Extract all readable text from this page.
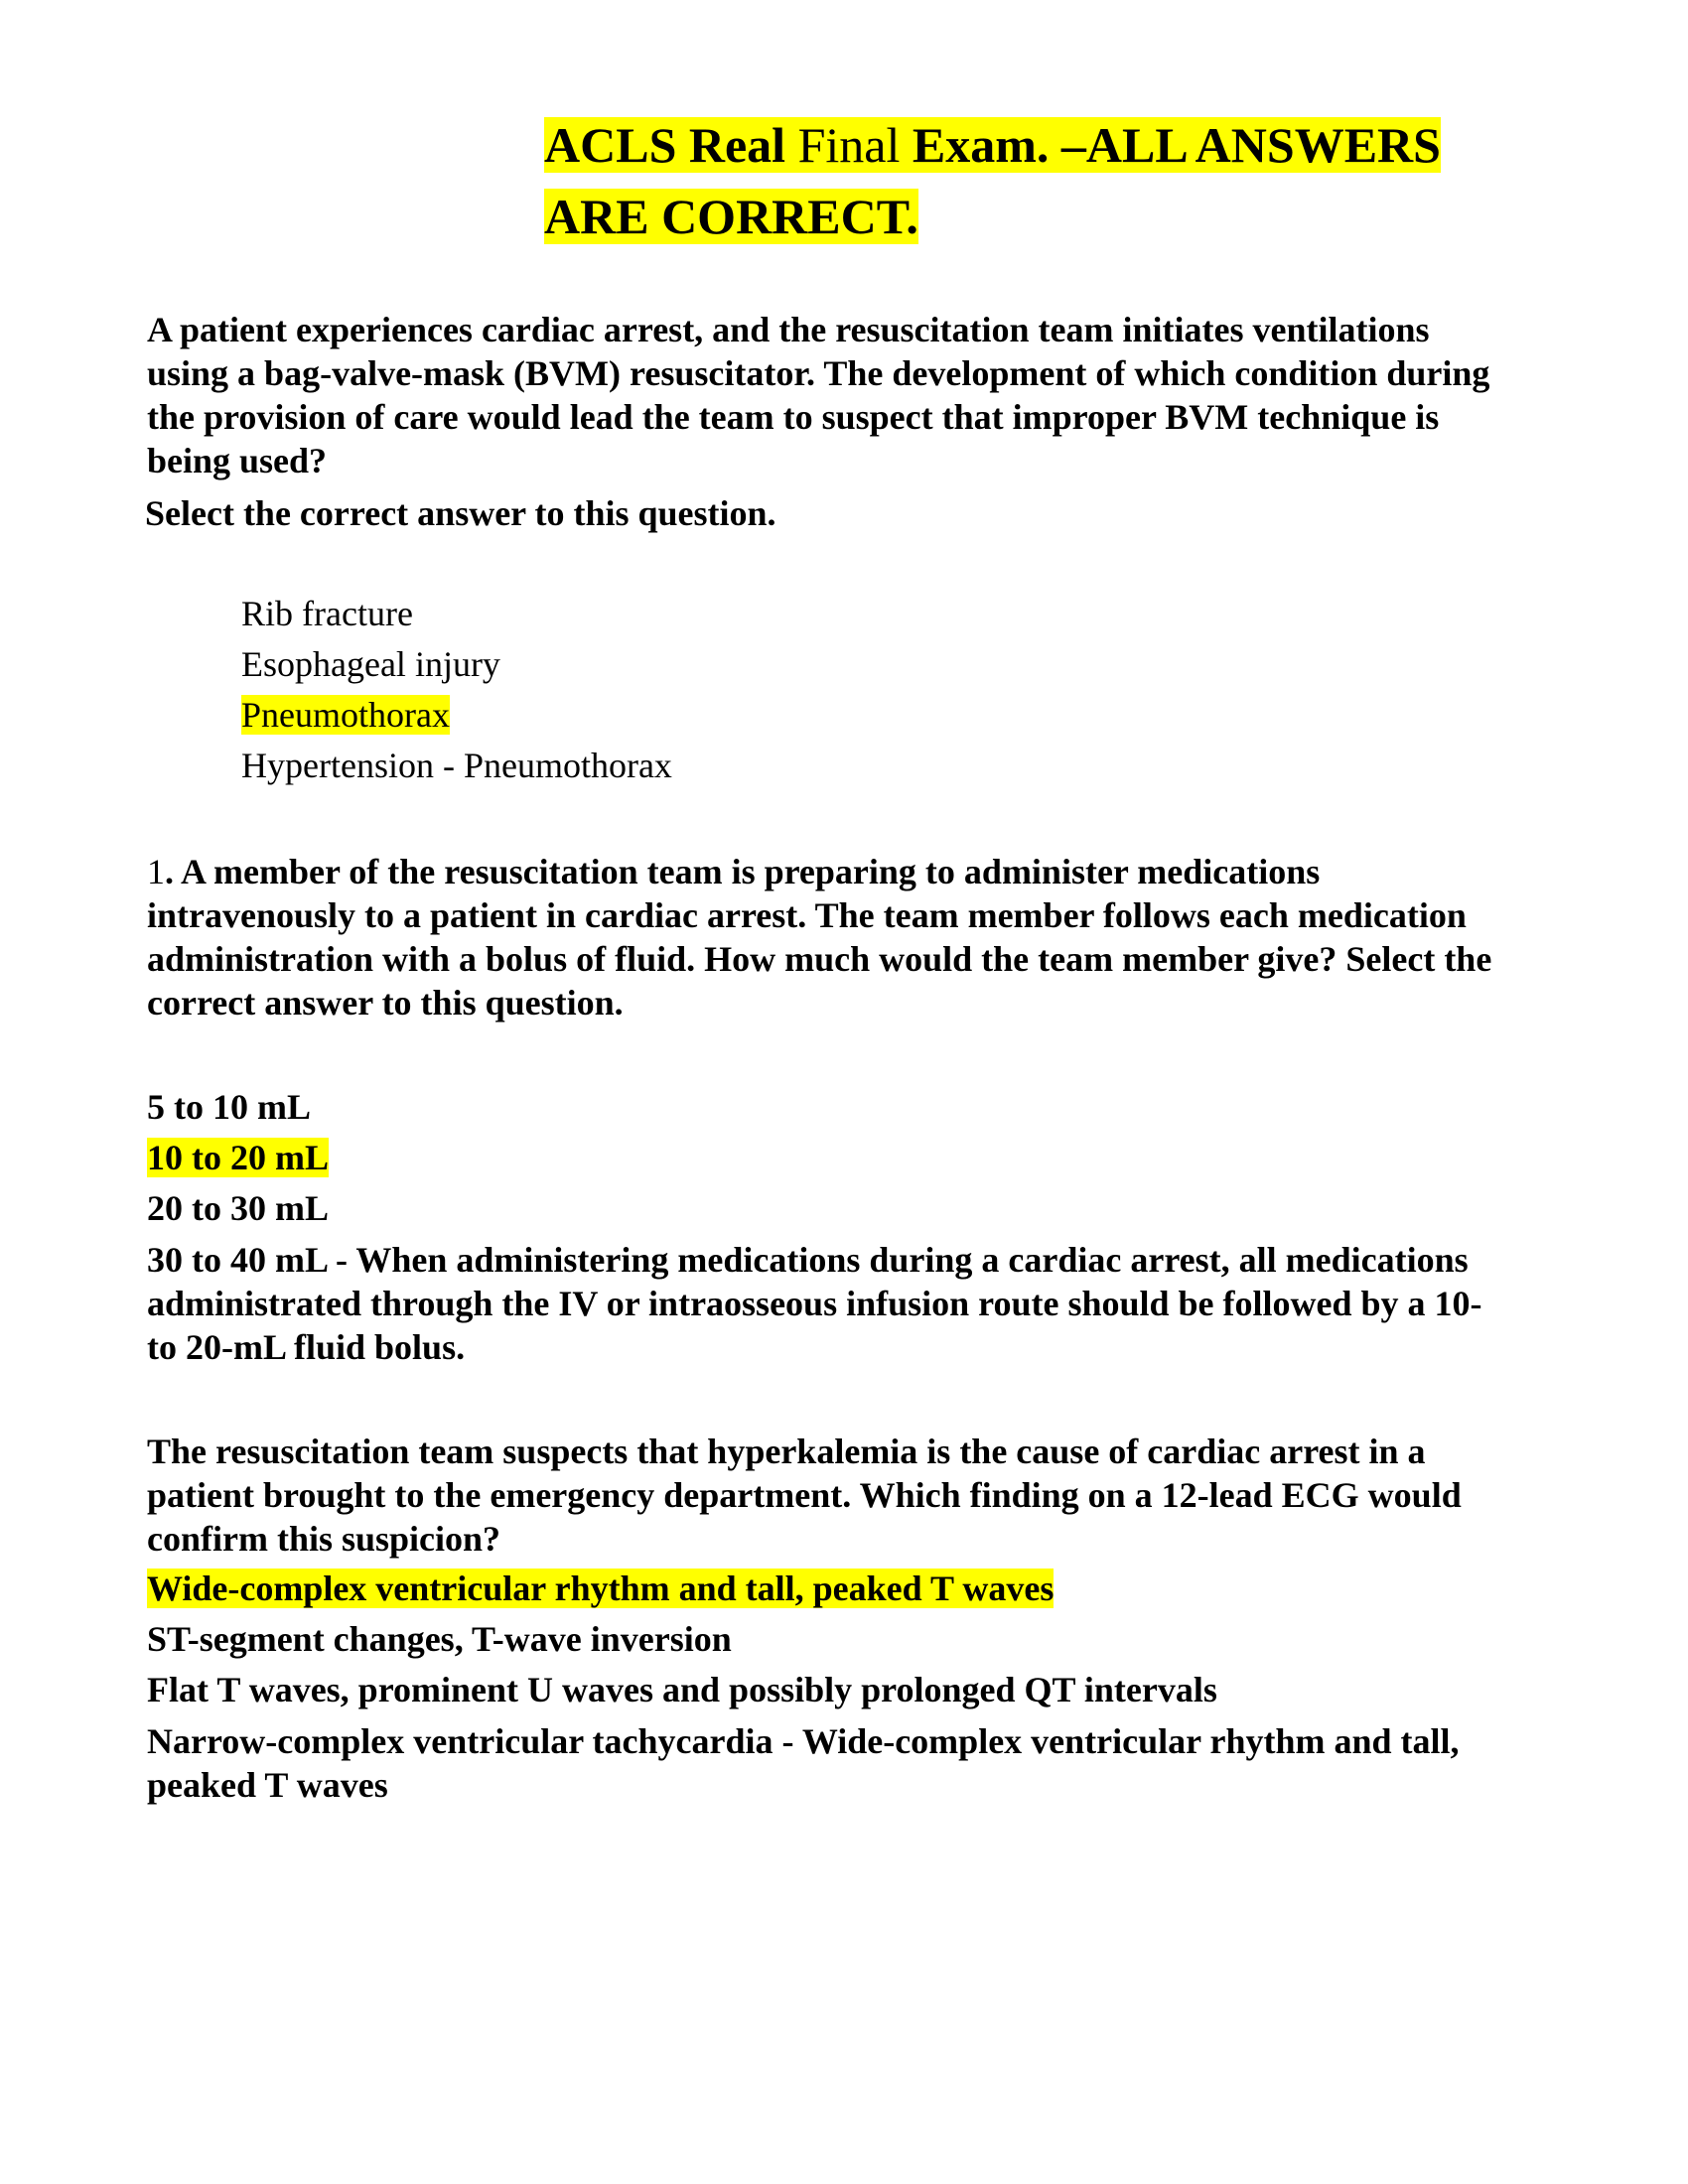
ACLS Real Final Exam. –ALL ANSWERS
ARE CORRECT.
A patient experiences cardiac arrest, and the resuscitation team initiates ventilations using a bag-valve-mask (BVM) resuscitator. The development of which condition during the provision of care would lead the team to suspect that improper BVM technique is being used?
Select the correct answer to this question.
Rib fracture
Esophageal injury
Pneumothorax
Hypertension - Pneumothorax
1. A member of the resuscitation team is preparing to administer medications intravenously to a patient in cardiac arrest. The team member follows each medication administration with a bolus of fluid. How much would the team member give? Select the correct answer to this question.
5 to 10 mL
10 to 20 mL
20 to 30 mL
30 to 40 mL - When administering medications during a cardiac arrest, all medications administrated through the IV or intraosseous infusion route should be followed by a 10- to 20-mL fluid bolus.
The resuscitation team suspects that hyperkalemia is the cause of cardiac arrest in a patient brought to the emergency department. Which finding on a 12-lead ECG would confirm this suspicion?
Wide-complex ventricular rhythm and tall, peaked T waves
ST-segment changes, T-wave inversion
Flat T waves, prominent U waves and possibly prolonged QT intervals
Narrow-complex ventricular tachycardia - Wide-complex ventricular rhythm and tall, peaked T waves
